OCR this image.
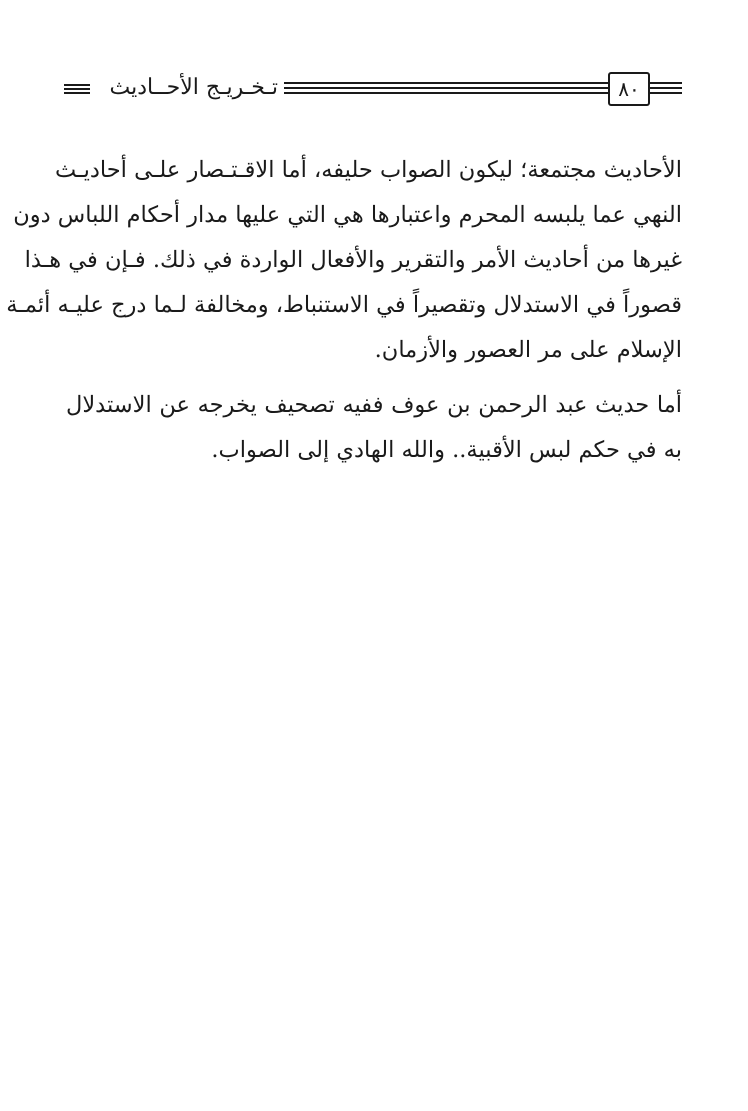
٨٠
تـخـريـج الأحــاديث
الأحاديث مجتمعة؛ ليكون الصواب حليفه، أما الاقـتـصار علـى أحاديـث
النهي عما يلبسه المحرم واعتبارها هي التي عليها مدار أحكام اللباس دون
غيرها من أحاديث الأمر والتقرير والأفعال الواردة في ذلك. فـإن في هـذا
قصوراً في الاستدلال وتقصيراً في الاستنباط، ومخالفة لـما درج عليـه أئمـة
الإسلام على مر العصور والأزمان.
أما حديث عبد الرحمن بن عوف ففيه تصحيف يخرجه عن الاستدلال
به في حكم لبس الأقبية.. والله الهادي إلى الصواب.
